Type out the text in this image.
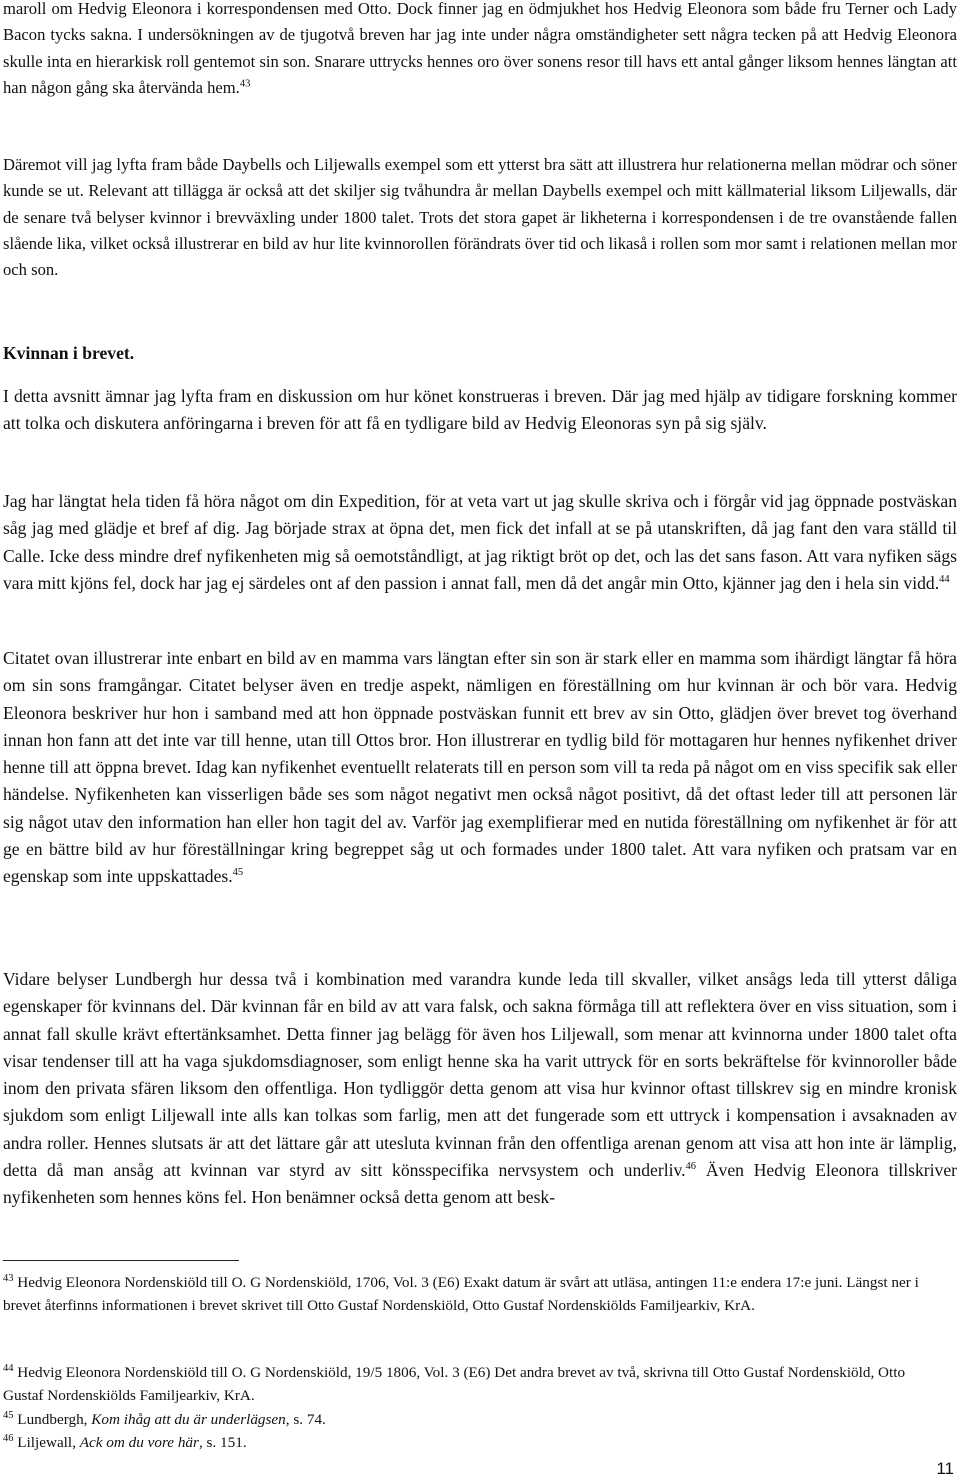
maroll om Hedvig Eleonora i korrespondensen med Otto. Dock finner jag en ödmjukhet hos Hedvig Eleonora som både fru Terner och Lady Bacon tycks sakna. I undersökningen av de tjugotvå breven har jag inte under några omständigheter sett några tecken på att Hedvig Eleonora skulle inta en hierarkisk roll gentemot sin son. Snarare uttrycks hennes oro över sonens resor till havs ett antal gånger liksom hennes längtan att han någon gång ska återvända hem.$^{43}$

Däremot vill jag lyfta fram både Daybells och Liljewalls exempel som ett ytterst bra sätt att illustrera hur relationerna mellan mödrar och söner kunde se ut. Relevant att tillägga är också att det skiljer sig tvåhundra år mellan Daybells exempel och mitt källmaterial liksom Liljewalls, där de senare två belyser kvinnor i brevväxling under 1800 talet. Trots det stora gapet är likheterna i korrespondensen i de tre ovanstående fallen slående lika, vilket också illustrerar en bild av hur lite kvinnorollen förändrats över tid och likaså i rollen som mor samt i relationen mellan mor och son.

Kvinnan i brevet.

I detta avsnitt ämnar jag lyfta fram en diskussion om hur könet konstrueras i breven. Där jag med hjälp av tidigare forskning kommer att tolka och diskutera anföringarna i breven för att få en tydligare bild av Hedvig Eleonoras syn på sig själv.

Jag har längtat hela tiden få höra något om din Expedition, för at veta vart ut jag skulle skriva och i förgår vid jag öppnade postväskan såg jag med glädje et bref af dig. Jag började strax at öpna det, men fick det infall at se på utanskriften, då jag fant den vara ställd til Calle. Icke dess mindre dref nyfikenheten mig så oemotståndligt, at jag riktigt bröt op det, och las det sans fason. Att vara nyfiken sägs vara mitt kjöns fel, dock har jag ej särdeles ont af den passion i annat fall, men då det angår min Otto, kjänner jag den i hela sin vidd.$^{44}$

Citatet ovan illustrerar inte enbart en bild av en mamma vars längtan efter sin son är stark eller en mamma som ihärdigt längtar få höra om sin sons framgångar. Citatet belyser även en tredje aspekt, nämligen en föreställning om hur kvinnan är och bör vara. Hedvig Eleonora beskriver hur hon i samband med att hon öppnade postväskan funnit ett brev av sin Otto, glädjen över brevet tog överhand innan hon fann att det inte var till henne, utan till Ottos bror. Hon illustrerar en tydlig bild för mottagaren hur hennes nyfikenhet driver henne till att öppna brevet. Idag kan nyfikenhet eventuellt relaterats till en person som vill ta reda på något om en viss specifik sak eller händelse. Nyfikenheten kan visserligen både ses som något negativt men också något positivt, då det oftast leder till att personen lär sig något utav den information han eller hon tagit del av. Varför jag exemplifierar med en nutida föreställning om nyfikenhet är för att ge en bättre bild av hur föreställningar kring begreppet såg ut och formades under 1800 talet. Att vara nyfiken och pratsam var en egenskap som inte uppskattades.$^{45}$

Vidare belyser Lundbergh hur dessa två i kombination med varandra kunde leda till skvaller, vilket ansågs leda till ytterst dåliga egenskaper för kvinnans del. Där kvinnan får en bild av att vara falsk, och sakna förmåga till att reflektera över en viss situation, som i annat fall skulle krävt eftertänksamhet. Detta finner jag belägg för även hos Liljewall, som menar att kvinnorna under 1800 talet ofta visar tendenser till att ha vaga sjukdomsdiagnoser, som enligt henne ska ha varit uttryck för en sorts bekräftelse för kvinnoroller både inom den privata sfären liksom den offentliga. Hon tydliggör detta genom att visa hur kvinnor oftast tillskrev sig en mindre kronisk sjukdom som enligt Liljewall inte alls kan tolkas som farlig, men att det fungerade som ett uttryck i kompensation i avsaknaden av andra roller. Hennes slutsats är att det lättare går att utesluta kvinnan från den offentliga arenan genom att visa att hon inte är lämplig, detta då man ansåg att kvinnan var styrd av sitt könsspecifika nervsystem och underliv.$^{46}$ Även Hedvig Eleonora tillskriver nyfikenheten som hennes köns fel. Hon benämner också detta genom att besk-

$^{43}$ Hedvig Eleonora Nordenskiöld till O. G Nordenskiöld, 1706, Vol. 3 (E6) Exakt datum är svårt att utläsa, antingen 11:e endera 17:e juni. Längst ner i brevet återfinns informationen i brevet skrivet till Otto Gustaf Nordenskiöld, Otto Gustaf Nordenskiölds Familjearkiv, KrA.
$^{44}$ Hedvig Eleonora Nordenskiöld till O. G Nordenskiöld, 19/5 1806, Vol. 3 (E6) Det andra brevet av två, skrivna till Otto Gustaf Nordenskiöld, Otto Gustaf Nordenskiölds Familjearkiv, KrA.
$^{45}$ Lundbergh, Kom ihåg att du är underlägsen, s. 74.
$^{46}$ Liljewall, Ack om du vore här, s. 151.
11
